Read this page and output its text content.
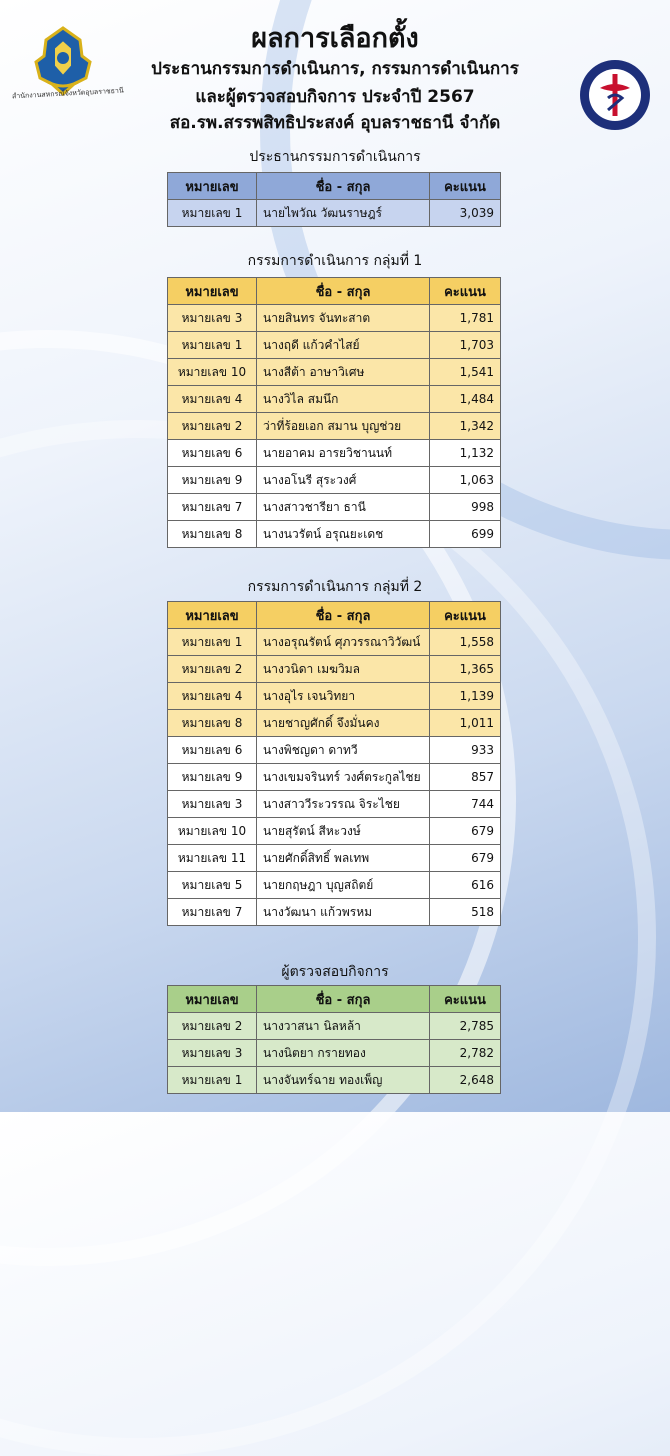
สำนักงานสหกรณ์จังหวัดอุบลราชธานี
ผลการเลือกตั้ง
ประธานกรรมการดำเนินการ, กรรมการดำเนินการ
และผู้ตรวจสอบกิจการ ประจำปี 2567
สอ.รพ.สรรพสิทธิประสงค์ อุบลราชธานี จำกัด
ประธานกรรมการดำเนินการ
หมายเลข	ชื่อ - สกุล	คะแนน
หมายเลข 1	นายไพวัณ วัฒนราษฎร์	3,039
กรรมการดำเนินการ กลุ่มที่ 1
หมายเลข	ชื่อ - สกุล	คะแนน
หมายเลข 3	นายสินทร จันทะสาต	1,781
หมายเลข 1	นางฤดี แก้วคำไสย์	1,703
หมายเลข 10	นางสีต้า อาษาวิเศษ	1,541
หมายเลข 4	นางวิไล สมนึก	1,484
หมายเลข 2	ว่าที่ร้อยเอก สมาน บุญช่วย	1,342
หมายเลข 6	นายอาคม อารยวิชานนท์	1,132
หมายเลข 9	นางอโนรี สุระวงศ์	1,063
หมายเลข 7	นางสาวชารียา ธานี	998
หมายเลข 8	นางนวรัตน์ อรุณยะเดช	699
กรรมการดำเนินการ กลุ่มที่ 2
หมายเลข	ชื่อ - สกุล	คะแนน
หมายเลข 1	นางอรุณรัตน์ ศุภวรรณาวิวัฒน์	1,558
หมายเลข 2	นางวนิดา เมฆวิมล	1,365
หมายเลข 4	นางอุไร เจนวิทยา	1,139
หมายเลข 8	นายชาญศักดิ์ จึงมั่นคง	1,011
หมายเลข 6	นางพิชญดา ดาทวี	933
หมายเลข 9	นางเขมจรินทร์ วงศ์ตระกูลไชย	857
หมายเลข 3	นางสาววีระวรรณ จิระไชย	744
หมายเลข 10	นายสุรัตน์ สีหะวงษ์	679
หมายเลข 11	นายศักดิ์สิทธิ์ พลเทพ	679
หมายเลข 5	นายกฤษฎา บุญสถิตย์	616
หมายเลข 7	นางวัฒนา แก้วพรหม	518
ผู้ตรวจสอบกิจการ
หมายเลข	ชื่อ - สกุล	คะแนน
หมายเลข 2	นางวาสนา นิลหล้า	2,785
หมายเลข 3	นางนิตยา กรายทอง	2,782
หมายเลข 1	นางจันทร์ฉาย ทองเพ็ญ	2,648
